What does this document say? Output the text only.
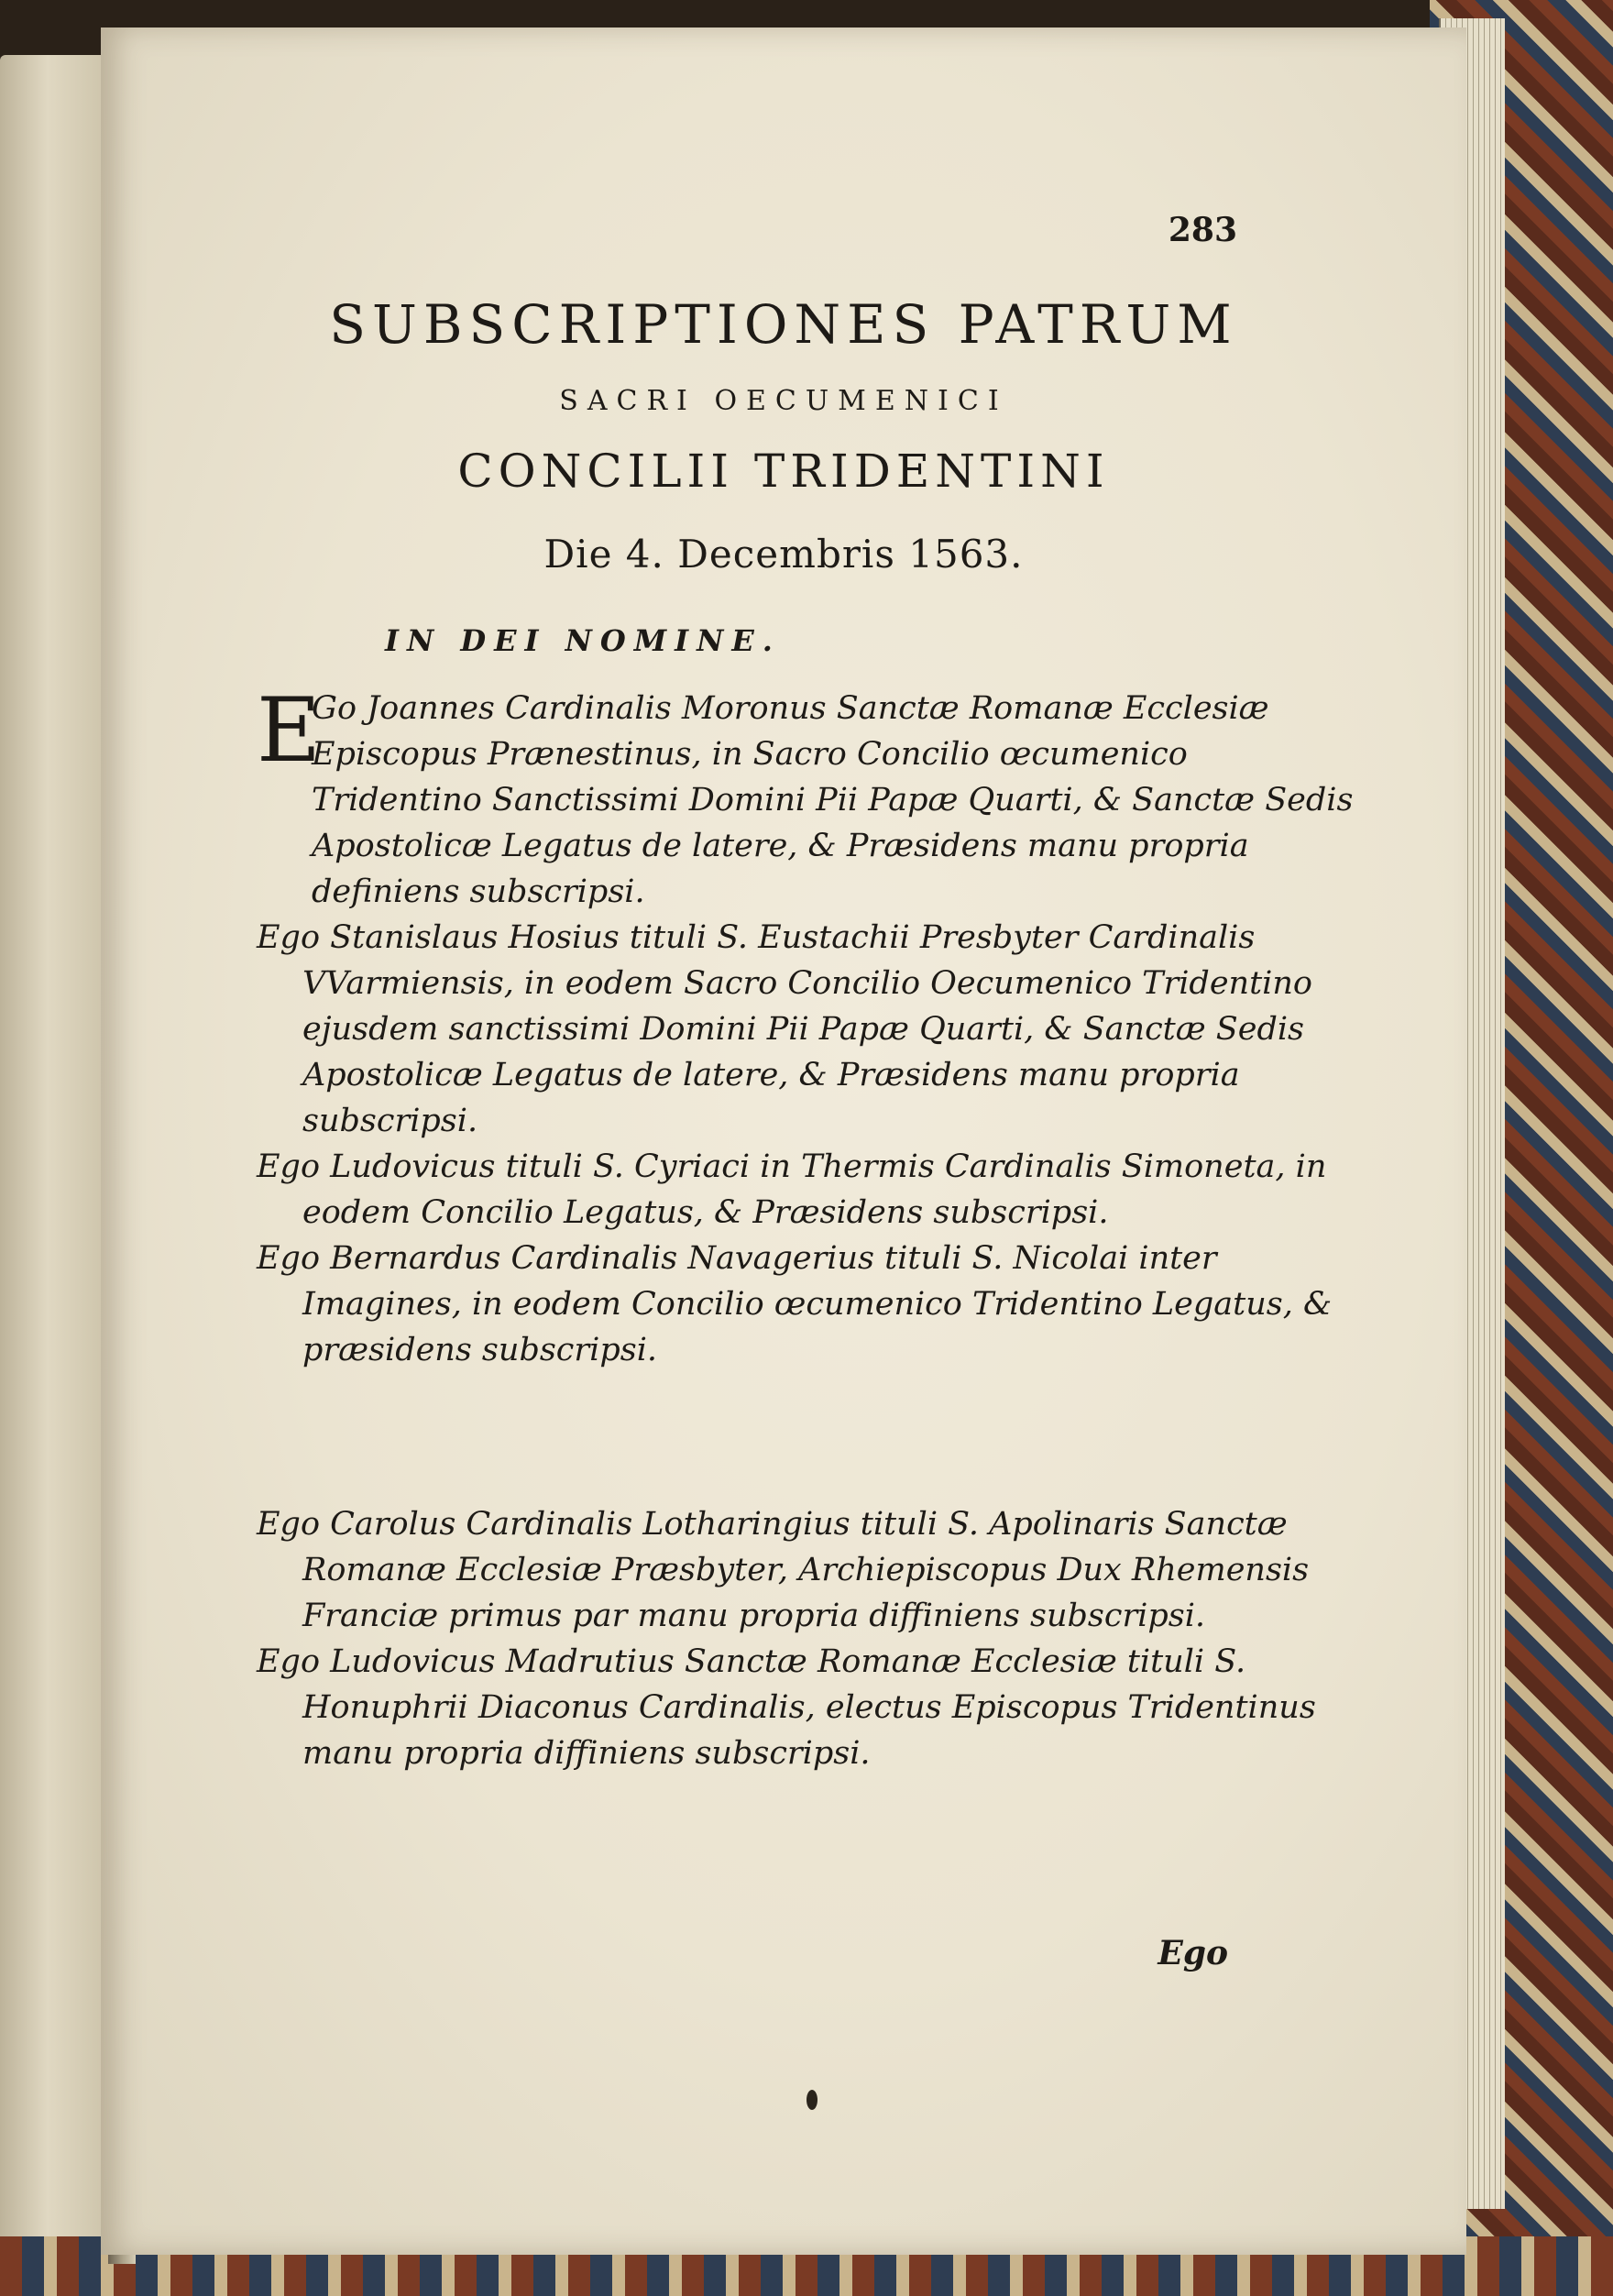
283
SUBSCRIPTIONES PATRUM
SACRI OECUMENICI
CONCILII TRIDENTINI
Die 4. Decembris 1563.
IN DEI NOMINE.

E
Go Joannes Cardinalis Moronus Sanctæ Romanæ Ecclesiæ Episcopus Prænestinus, in Sacro Concilio œcumenico Tridentino Sanctissimi Domini Pii Papæ Quarti, & Sanctæ Sedis Apostolicæ Legatus de latere, & Præsidens manu propria definiens subscripsi.

Ego Stanislaus Hosius tituli S. Eustachii Presbyter Cardinalis VVarmiensis, in eodem Sacro Concilio Oecumenico Tridentino ejusdem sanctissimi Domini Pii Papæ Quarti, & Sanctæ Sedis Apostolicæ Legatus de latere, & Præsidens manu propria subscripsi.

Ego Ludovicus tituli S. Cyriaci in Thermis Cardinalis Simoneta, in eodem Concilio Legatus, & Præsidens subscripsi.

Ego Bernardus Cardinalis Navagerius tituli S. Nicolai inter Imagines, in eodem Concilio œcumenico Tridentino Legatus, & præsidens subscripsi.

Ego Carolus Cardinalis Lotharingius tituli S. Apolinaris Sanctæ Romanæ Ecclesiæ Præsbyter, Archiepiscopus Dux Rhemensis Franciæ primus par manu propria diffiniens subscripsi.

Ego Ludovicus Madrutius Sanctæ Romanæ Ecclesiæ tituli S. Honuphrii Diaconus Cardinalis, electus Episcopus Tridentinus manu propria diffiniens subscripsi.

Ego
